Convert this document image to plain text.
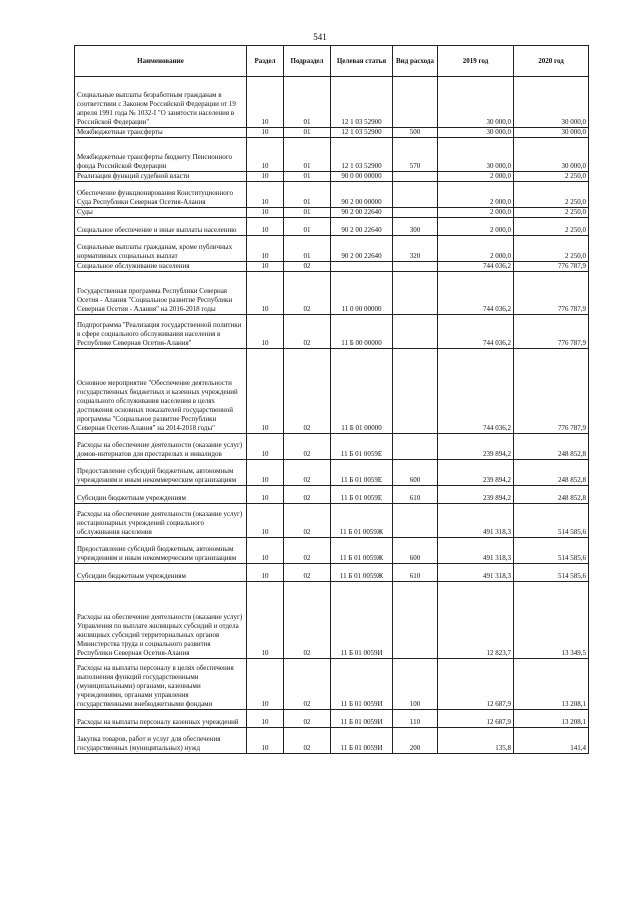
541
Наименование	Раздел	Подраздел	Целевая статья	Вид расхода	2019 год	2020 год
Социальные выплаты безработным гражданам в соответствии с Законом Российской Федерации от 19 апреля 1991 года № 1032-I "О занятости населения в Российской Федерации"	10	01	12 1 03 52900		30 000,0	30 000,0
Межбюджетные трансферты	10	01	12 1 03 52900	500	30 000,0	30 000,0
Межбюджетные трансферты бюджету Пенсионного фонда Российской Федерации	10	01	12 1 03 52900	570	30 000,0	30 000,0
Реализация функций судебной власти	10	01	90 0 00 00000		2 000,0	2 250,0
Обеспечение функционирования Конституционного Суда Республики Северная Осетия-Алания	10	01	90 2 00 00000		2 000,0	2 250,0
Суды	10	01	90 2 00 22640		2 000,0	2 250,0
Социальное обеспечение и иные выплаты населению	10	01	90 2 00 22640	300	2 000,0	2 250,0
Социальные выплаты гражданам, кроме публичных нормативных социальных выплат	10	01	90 2 00 22640	320	2 000,0	2 250,0
Социальное обслуживание населения	10	02			744 036,2	776 787,9
Государственная программа Республики Северная Осетия - Алания "Социальное развитие Республики Северная Осетия - Алания" на 2016-2018 годы	10	02	11 0 00 00000		744 036,2	776 787,9
Подпрограмма "Реализация государственной политики в сфере социального обслуживания населения в Республике Северная Осетия-Алания"	10	02	11 Б 00 00000		744 036,2	776 787,9
Основное мероприятие "Обеспечение деятельности государственных бюджетных и казенных учреждений социального обслуживания населения в целях достижения основных показателей государственной программы "Социальное развитие Республики Северная Осетия-Алания" на 2014-2018 годы"	10	02	11 Б 01 00000		744 036,2	776 787,9
Расходы на обеспечение деятельности (оказание услуг) домов-интернатов для престарелых и инвалидов	10	02	11 Б 01 0059Е		239 894,2	248 852,8
Предоставление субсидий бюджетным, автономным учреждениям и иным некоммерческим организациям	10	02	11 Б 01 0059Е	600	239 894,2	248 852,8
Субсидии бюджетным учреждениям	10	02	11 Б 01 0059Е	610	239 894,2	248 852,8
Расходы на обеспечение деятельности (оказание услуг) нестационарных учреждений социального обслуживания населения	10	02	11 Б 01 0059Ж		491 318,3	514 585,6
Предоставление субсидий бюджетным, автономным учреждениям и иным некоммерческим организациям	10	02	11 Б 01 0059Ж	600	491 318,3	514 585,6
Субсидии бюджетным учреждениям	10	02	11 Б 01 0059Ж	610	491 318,3	514 585,6
Расходы на обеспечение деятельности (оказание услуг) Управления по выплате жилищных субсидий и отдела жилищных субсидий территориальных органов Министерства труда и социального развития Республики Северная Осетия-Алания	10	02	11 Б 01 0059И		12 823,7	13 349,5
Расходы на выплаты персоналу в целях обеспечения выполнения функций государственными (муниципальными) органами, казенными учреждениями, органами управления государственными внебюджетными фондами	10	02	11 Б 01 0059И	100	12 687,9	13 208,1
Расходы на выплаты персоналу казенных учреждений	10	02	11 Б 01 0059И	110	12 687,9	13 208,1
Закупка товаров, работ и услуг для обеспечения государственных (муниципальных) нужд	10	02	11 Б 01 0059И	200	135,8	141,4
